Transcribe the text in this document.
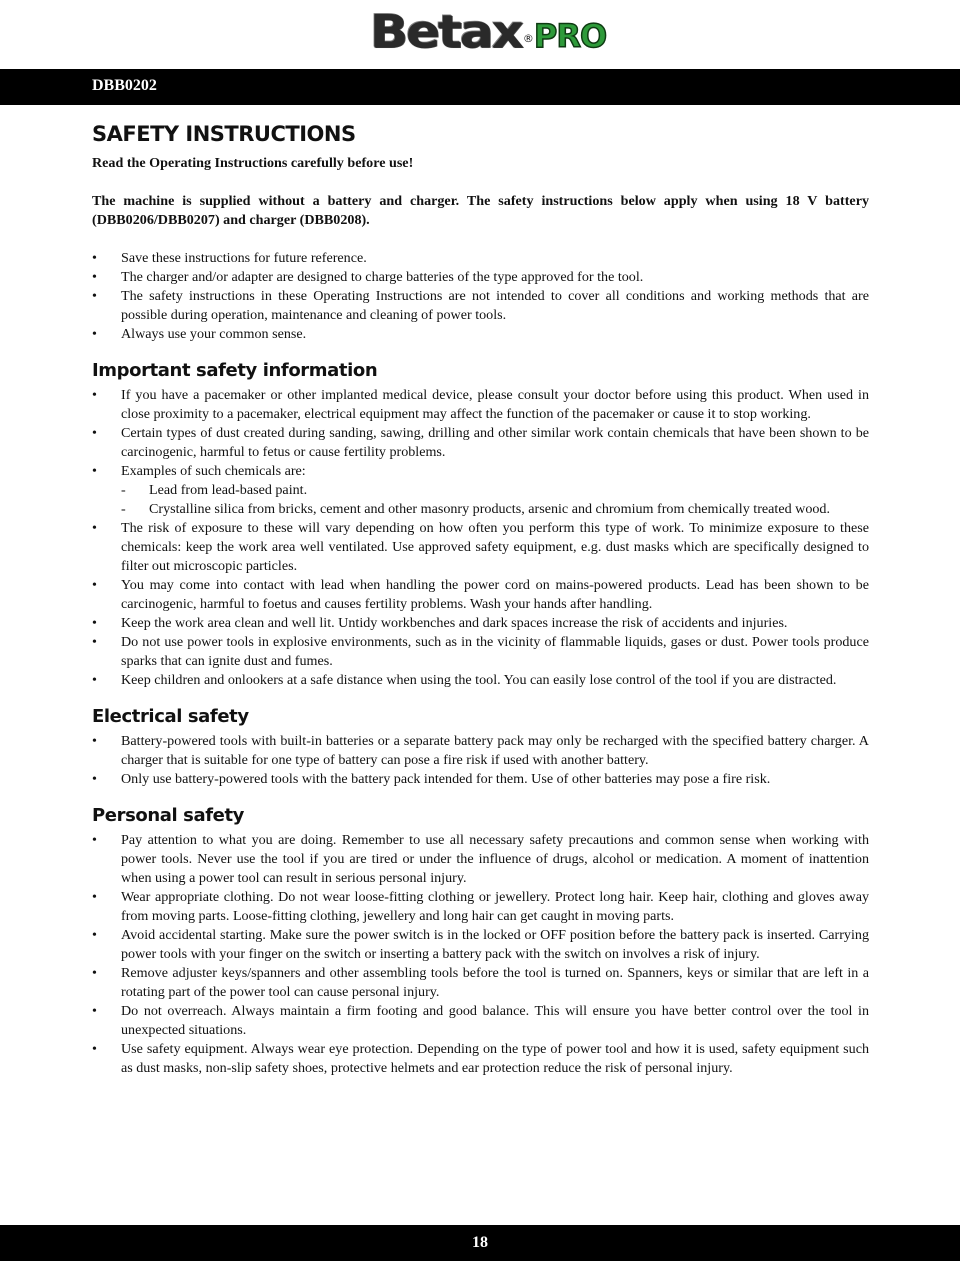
Betax®PRO
DBB0202
SAFETY INSTRUCTIONS

Read the Operating Instructions carefully before use!

The machine is supplied without a battery and charger. The safety instructions below apply when using 18 V battery (DBB0206/DBB0207) and charger (DBB0208).

• Save these instructions for future reference.
• The charger and/or adapter are designed to charge batteries of the type approved for the tool.
• The safety instructions in these Operating Instructions are not intended to cover all conditions and working methods that are possible during operation, maintenance and cleaning of power tools.
• Always use your common sense.
Important safety information
• If you have a pacemaker or other implanted medical device, please consult your doctor before using this product. When used in close proximity to a pacemaker, electrical equipment may affect the function of the pacemaker or cause it to stop working.
• Certain types of dust created during sanding, sawing, drilling and other similar work contain chemicals that have been shown to be carcinogenic, harmful to fetus or cause fertility problems.
• Examples of such chemicals are:
- Lead from lead-based paint.
- Crystalline silica from bricks, cement and other masonry products, arsenic and chromium from chemically treated wood.
• The risk of exposure to these will vary depending on how often you perform this type of work. To minimize exposure to these chemicals: keep the work area well ventilated. Use approved safety equipment, e.g. dust masks which are specifically designed to filter out microscopic particles.
• You may come into contact with lead when handling the power cord on mains-powered products. Lead has been shown to be carcinogenic, harmful to foetus and causes fertility problems. Wash your hands after handling.
• Keep the work area clean and well lit. Untidy workbenches and dark spaces increase the risk of accidents and injuries.
• Do not use power tools in explosive environments, such as in the vicinity of flammable liquids, gases or dust. Power tools produce sparks that can ignite dust and fumes.
• Keep children and onlookers at a safe distance when using the tool. You can easily lose control of the tool if you are distracted.
Electrical safety
• Battery-powered tools with built-in batteries or a separate battery pack may only be recharged with the specified battery charger. A charger that is suitable for one type of battery can pose a fire risk if used with another battery.
• Only use battery-powered tools with the battery pack intended for them. Use of other batteries may pose a fire risk.
Personal safety
• Pay attention to what you are doing. Remember to use all necessary safety precautions and common sense when working with power tools. Never use the tool if you are tired or under the influence of drugs, alcohol or medication. A moment of inattention when using a power tool can result in serious personal injury.
• Wear appropriate clothing. Do not wear loose-fitting clothing or jewellery. Protect long hair. Keep hair, clothing and gloves away from moving parts. Loose-fitting clothing, jewellery and long hair can get caught in moving parts.
• Avoid accidental starting. Make sure the power switch is in the locked or OFF position before the battery pack is inserted. Carrying power tools with your finger on the switch or inserting a battery pack with the switch on involves a risk of injury.
• Remove adjuster keys/spanners and other assembling tools before the tool is turned on. Spanners, keys or similar that are left in a rotating part of the power tool can cause personal injury.
• Do not overreach. Always maintain a firm footing and good balance. This will ensure you have better control over the tool in unexpected situations.
• Use safety equipment. Always wear eye protection. Depending on the type of power tool and how it is used, safety equipment such as dust masks, non-slip safety shoes, protective helmets and ear protection reduce the risk of personal injury.
18
